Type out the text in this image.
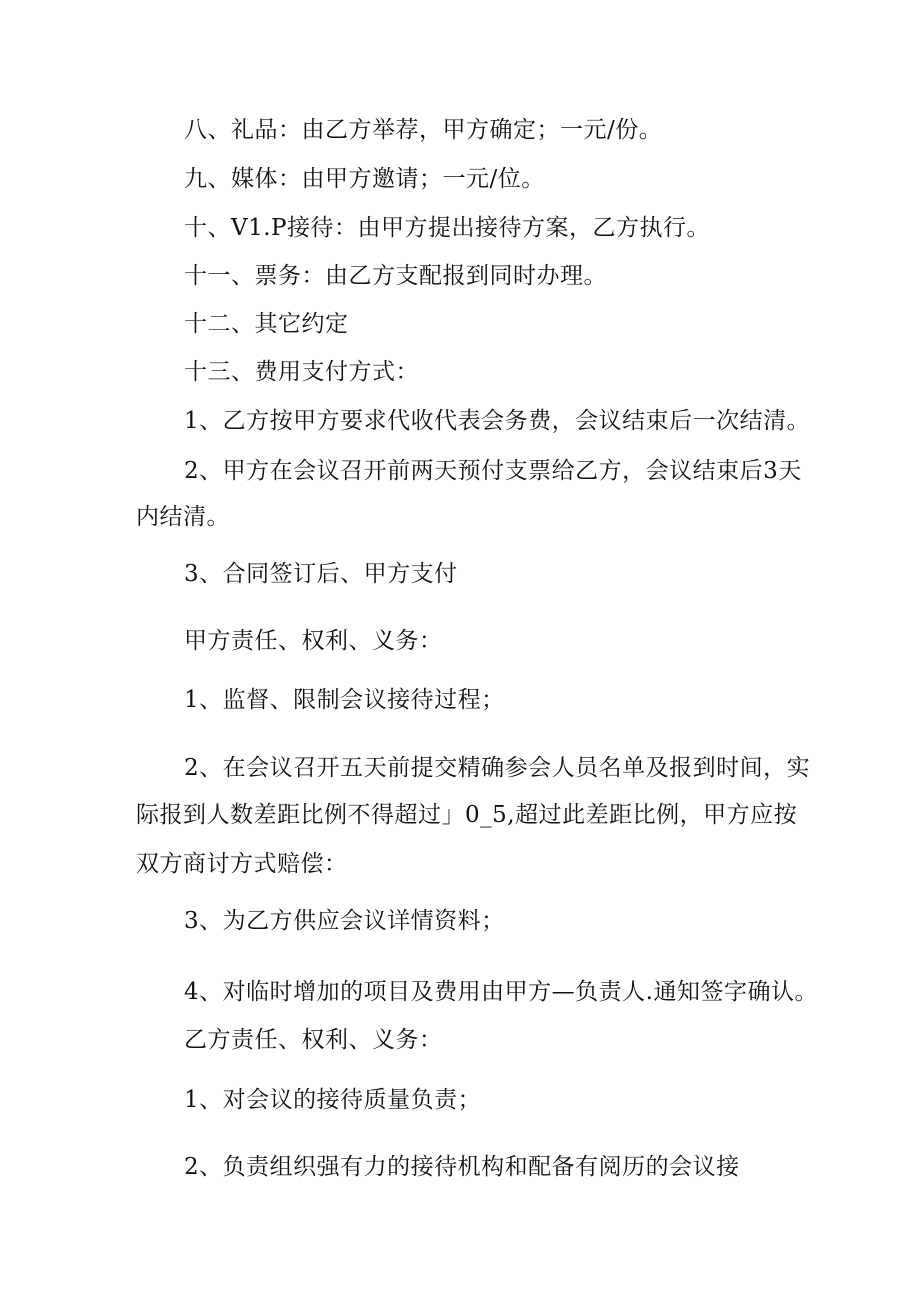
八、礼品：由乙方举荐，甲方确定；一元/份。
九、媒体：由甲方邀请；一元/位。
十、V1.P接待：由甲方提出接待方案，乙方执行。
十一、票务：由乙方支配报到同时办理。
十二、其它约定
十三、费用支付方式：
1、乙方按甲方要求代收代表会务费，会议结束后一次结清。
2、甲方在会议召开前两天预付支票给乙方，会议结束后3天
内结清。
3、合同签订后、甲方支付
甲方责任、权利、义务：
1、监督、限制会议接待过程；
2、在会议召开五天前提交精确参会人员名单及报到时间，实
际报到人数差距比例不得超过」0_5,超过此差距比例，甲方应按
双方商讨方式赔偿：
3、为乙方供应会议详情资料；
4、对临时增加的项目及费用由甲方—负责人.通知签字确认。
乙方责任、权利、义务：
1、对会议的接待质量负责；
2、负责组织强有力的接待机构和配备有阅历的会议接
